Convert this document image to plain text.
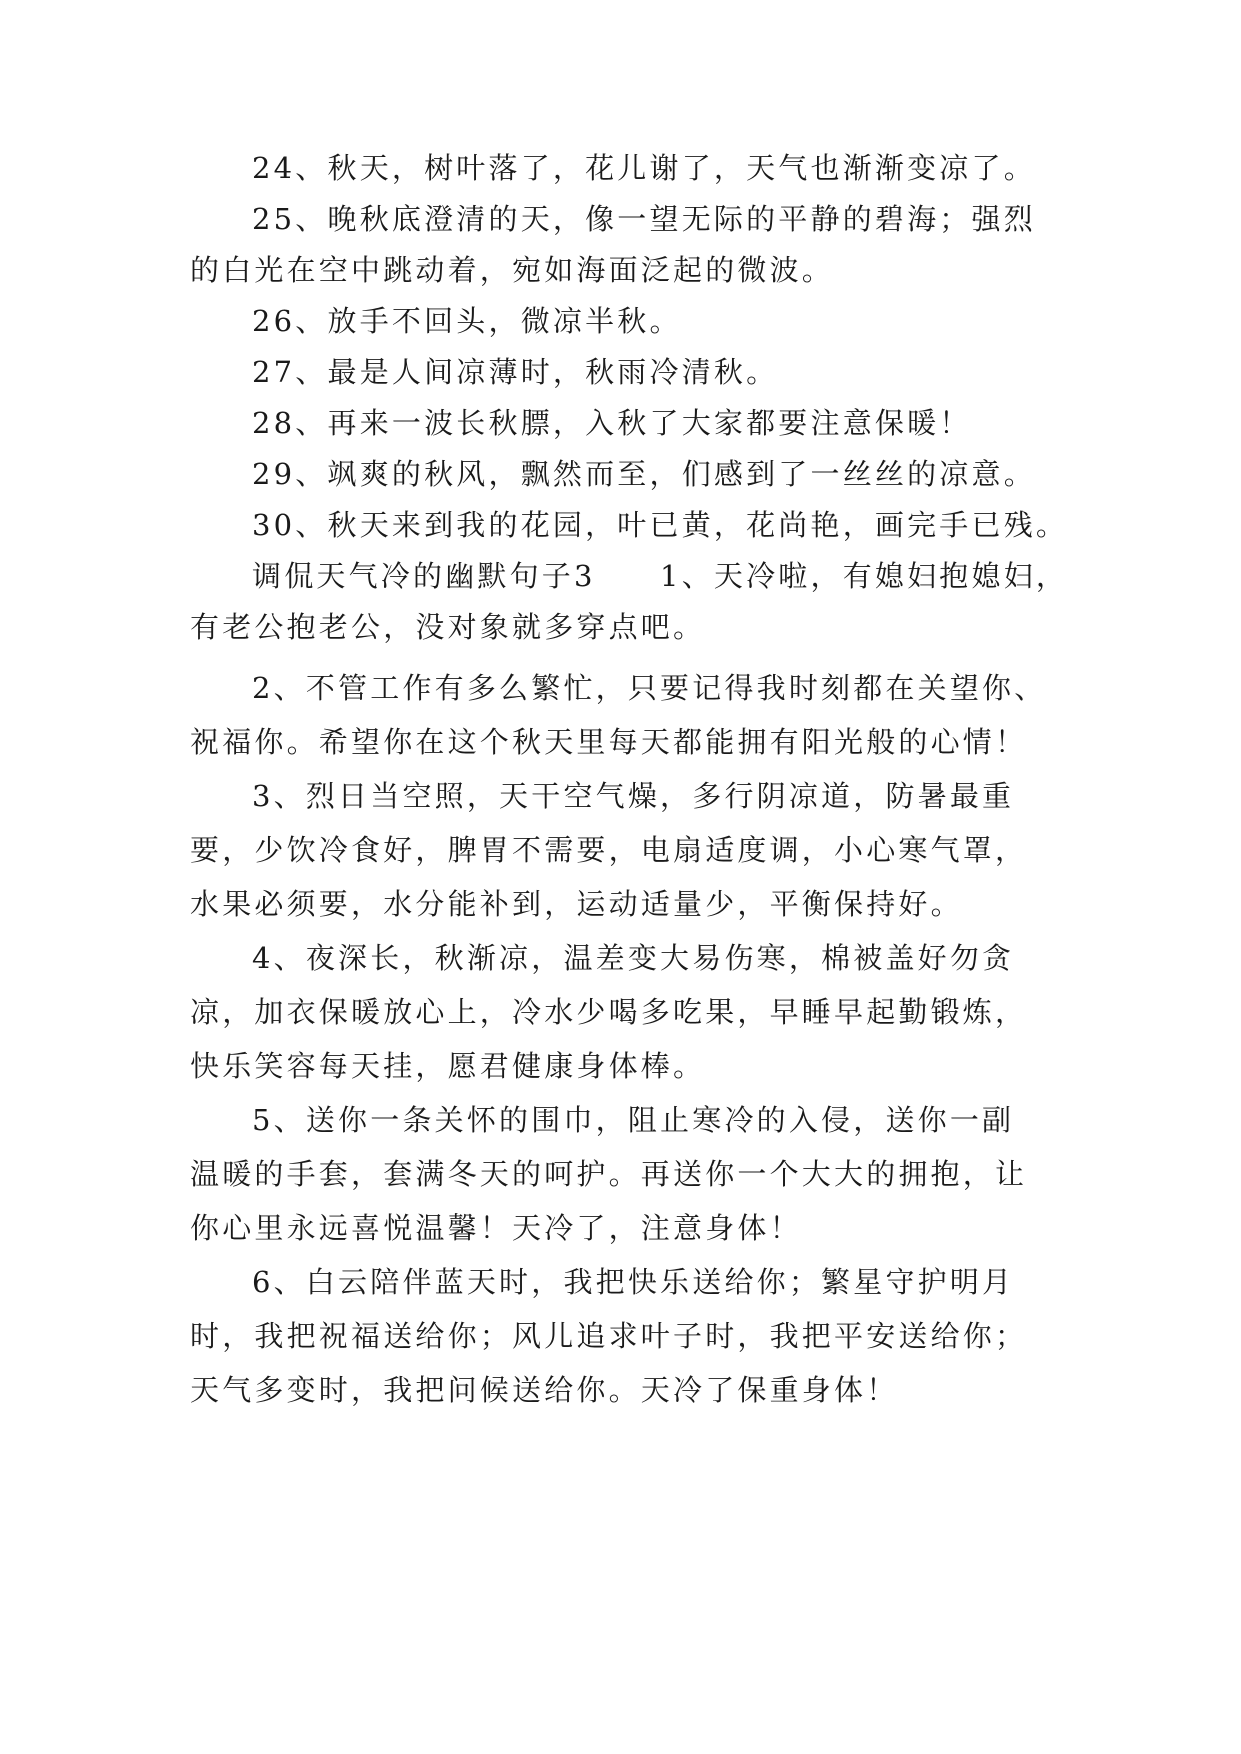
24、秋天，树叶落了，花儿谢了，天气也渐渐变凉了。
25、晚秋底澄清的天，像一望无际的平静的碧海；强烈
的白光在空中跳动着，宛如海面泛起的微波。
26、放手不回头，微凉半秋。
27、最是人间凉薄时，秋雨冷清秋。
28、再来一波长秋膘，入秋了大家都要注意保暖！
29、飒爽的秋风，飘然而至，们感到了一丝丝的凉意。
30、秋天来到我的花园，叶已黄，花尚艳，画完手已残。
调侃天气冷的幽默句子3　　1、天冷啦，有媳妇抱媳妇，
有老公抱老公，没对象就多穿点吧。
2、不管工作有多么繁忙，只要记得我时刻都在关望你、
祝福你。希望你在这个秋天里每天都能拥有阳光般的心情！
3、烈日当空照，天干空气燥，多行阴凉道，防暑最重
要，少饮冷食好，脾胃不需要，电扇适度调，小心寒气罩，
水果必须要，水分能补到，运动适量少，平衡保持好。
4、夜深长，秋渐凉，温差变大易伤寒，棉被盖好勿贪
凉，加衣保暖放心上，冷水少喝多吃果，早睡早起勤锻炼，
快乐笑容每天挂，愿君健康身体棒。
5、送你一条关怀的围巾，阻止寒冷的入侵，送你一副
温暖的手套，套满冬天的呵护。再送你一个大大的拥抱，让
你心里永远喜悦温馨！天冷了，注意身体！
6、白云陪伴蓝天时，我把快乐送给你；繁星守护明月
时，我把祝福送给你；风儿追求叶子时，我把平安送给你；
天气多变时，我把问候送给你。天冷了保重身体！
